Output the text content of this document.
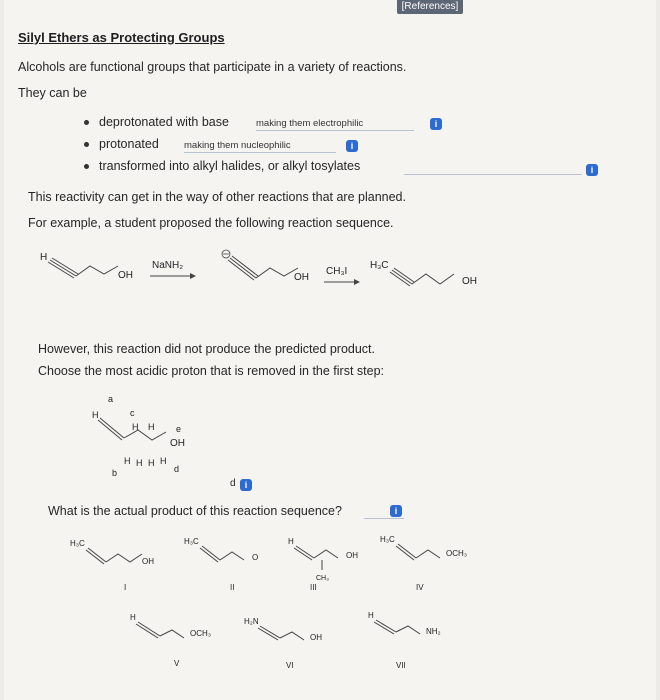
[References]
Silyl Ethers as Protecting Groups
Alcohols are functional groups that participate in a variety of reactions.
They can be
deprotonated with base	making them electrophilic	i
protonated	making them nucleophilic	i
transformed into alkyl halides, or alkyl tosylates	i
This reactivity can get in the way of other reactions that are planned.
For example, a student proposed the following reaction sequence.
H
OH
NaNH₂
OH
CH₃I
H₃C
OH
However, this reaction did not produce the predicted product.
Choose the most acidic proton that is removed in the first step:
a
H	c
H H e
OH
H H H H
d
b
d	i
What is the actual product of this reaction sequence?	i
H₃C
OH
I
H₃C
O
II
H
OH
CH₃
III
H₃C
OCH₃
IV
H
OCH₃
V
H₂N
OH
VI
H
NH₂
VII
